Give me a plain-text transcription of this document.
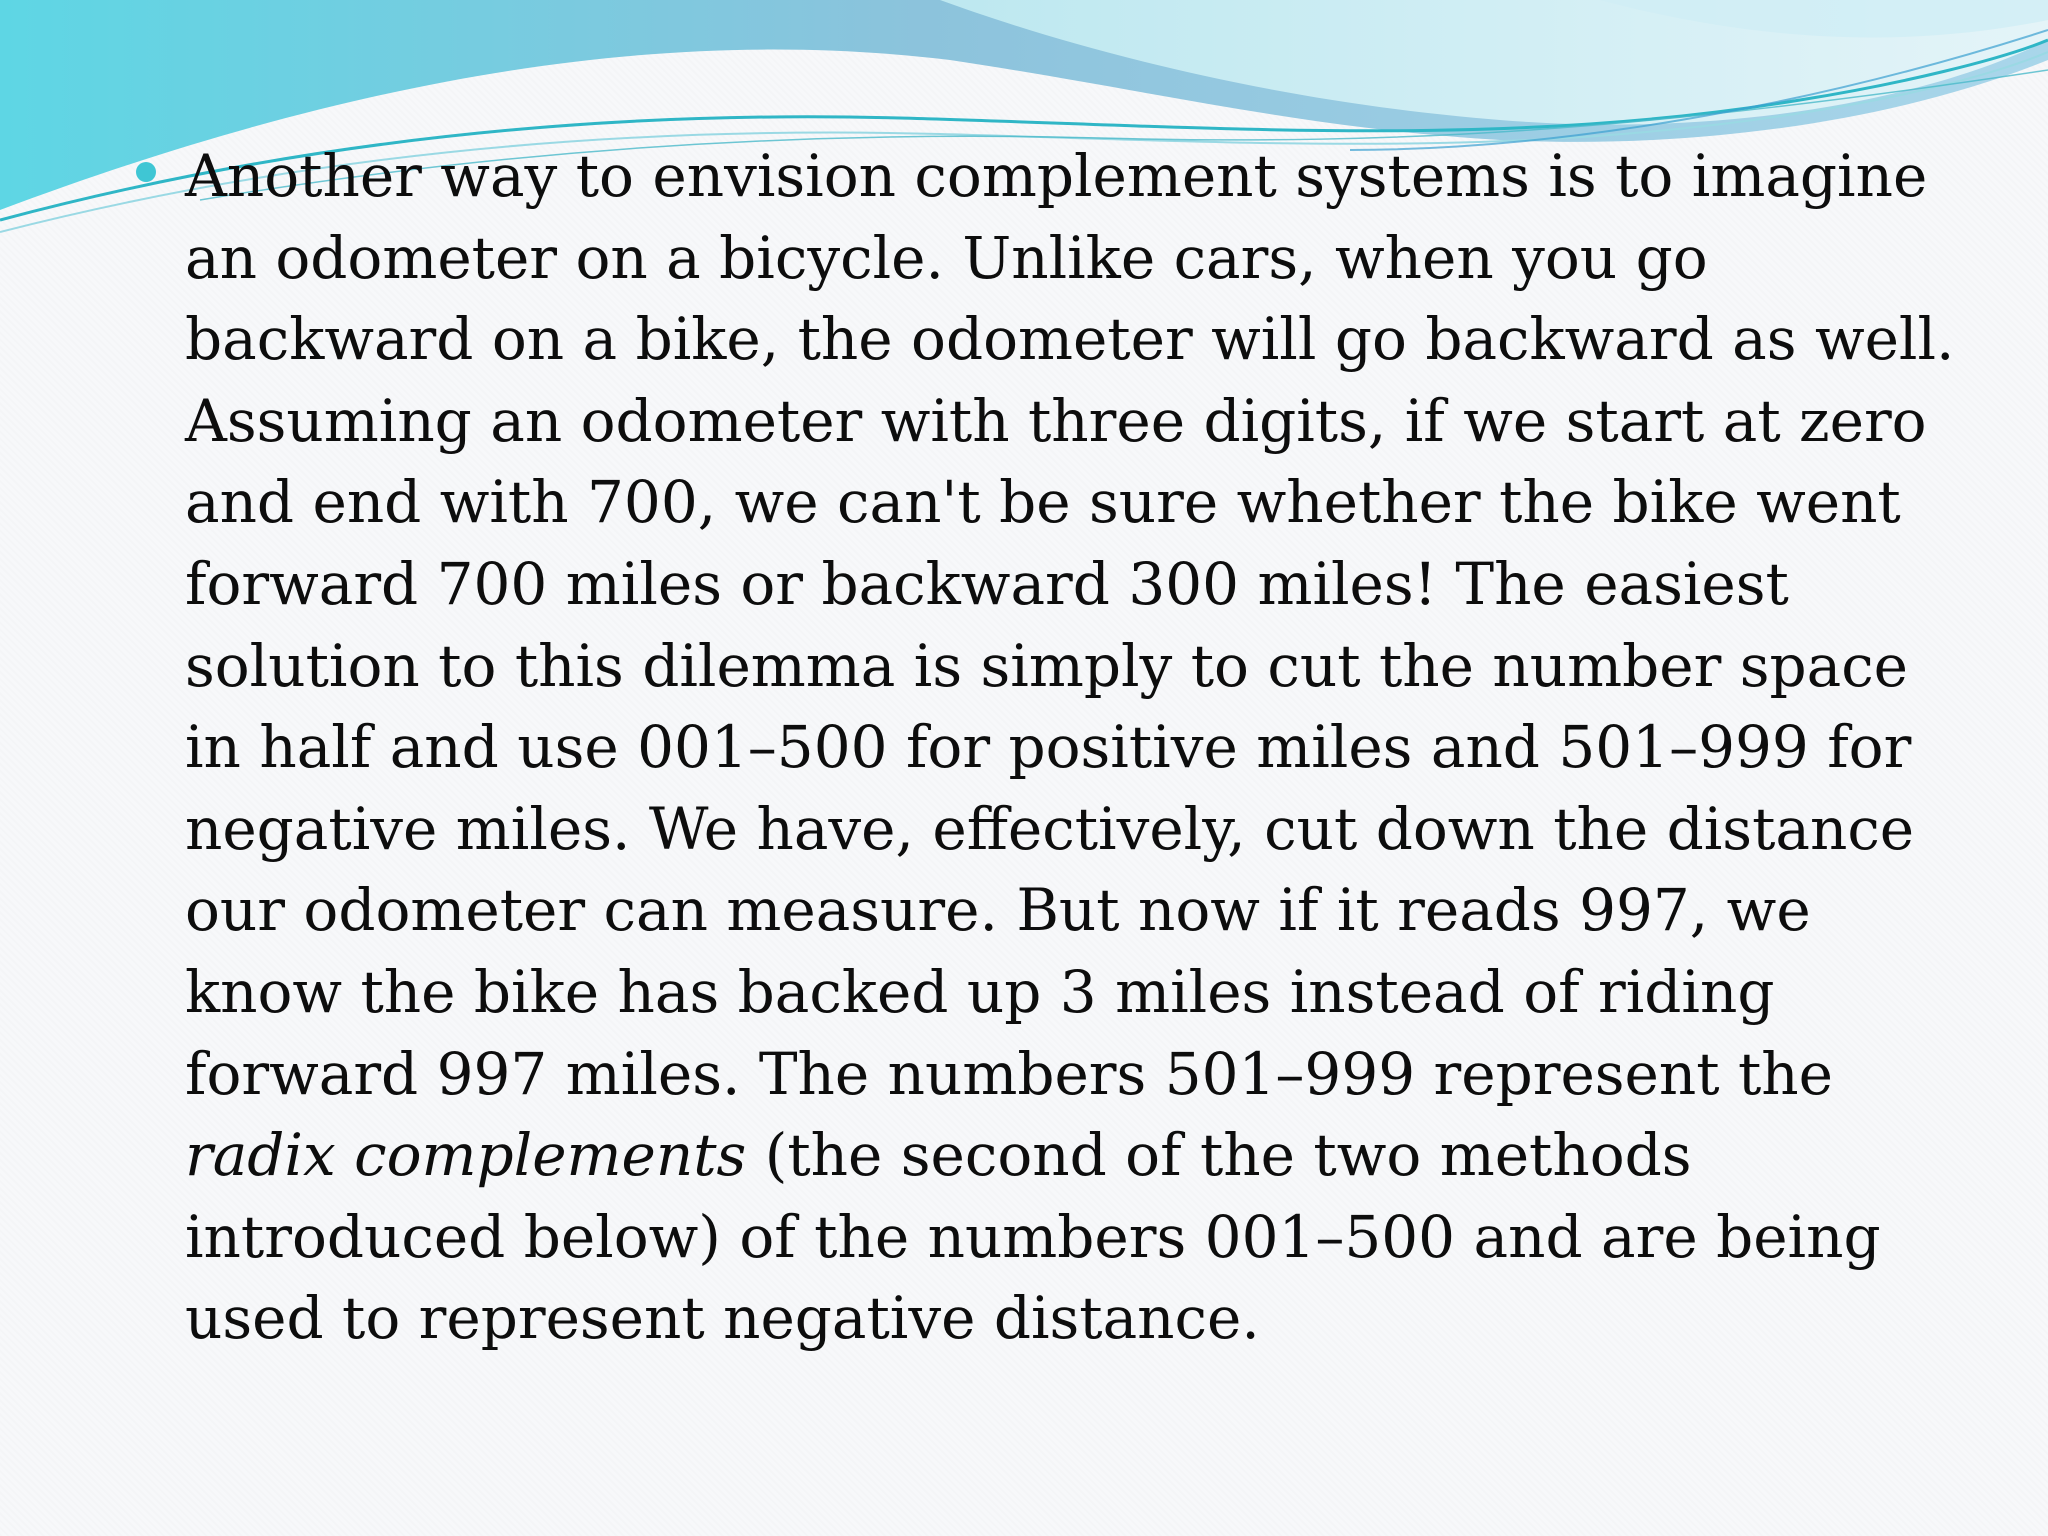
Another way to envision complement systems is to imagine
an odometer on a bicycle. Unlike cars, when you go
backward on a bike, the odometer will go backward as well.
Assuming an odometer with three digits, if we start at zero
and end with 700, we can't be sure whether the bike went
forward 700 miles or backward 300 miles! The easiest
solution to this dilemma is simply to cut the number space
in half and use 001–500 for positive miles and 501–999 for
negative miles. We have, effectively, cut down the distance
our odometer can measure. But now if it reads 997, we
know the bike has backed up 3 miles instead of riding
forward 997 miles. The numbers 501–999 represent the
radix complements (the second of the two methods
introduced below) of the numbers 001–500 and are being
used to represent negative distance.
